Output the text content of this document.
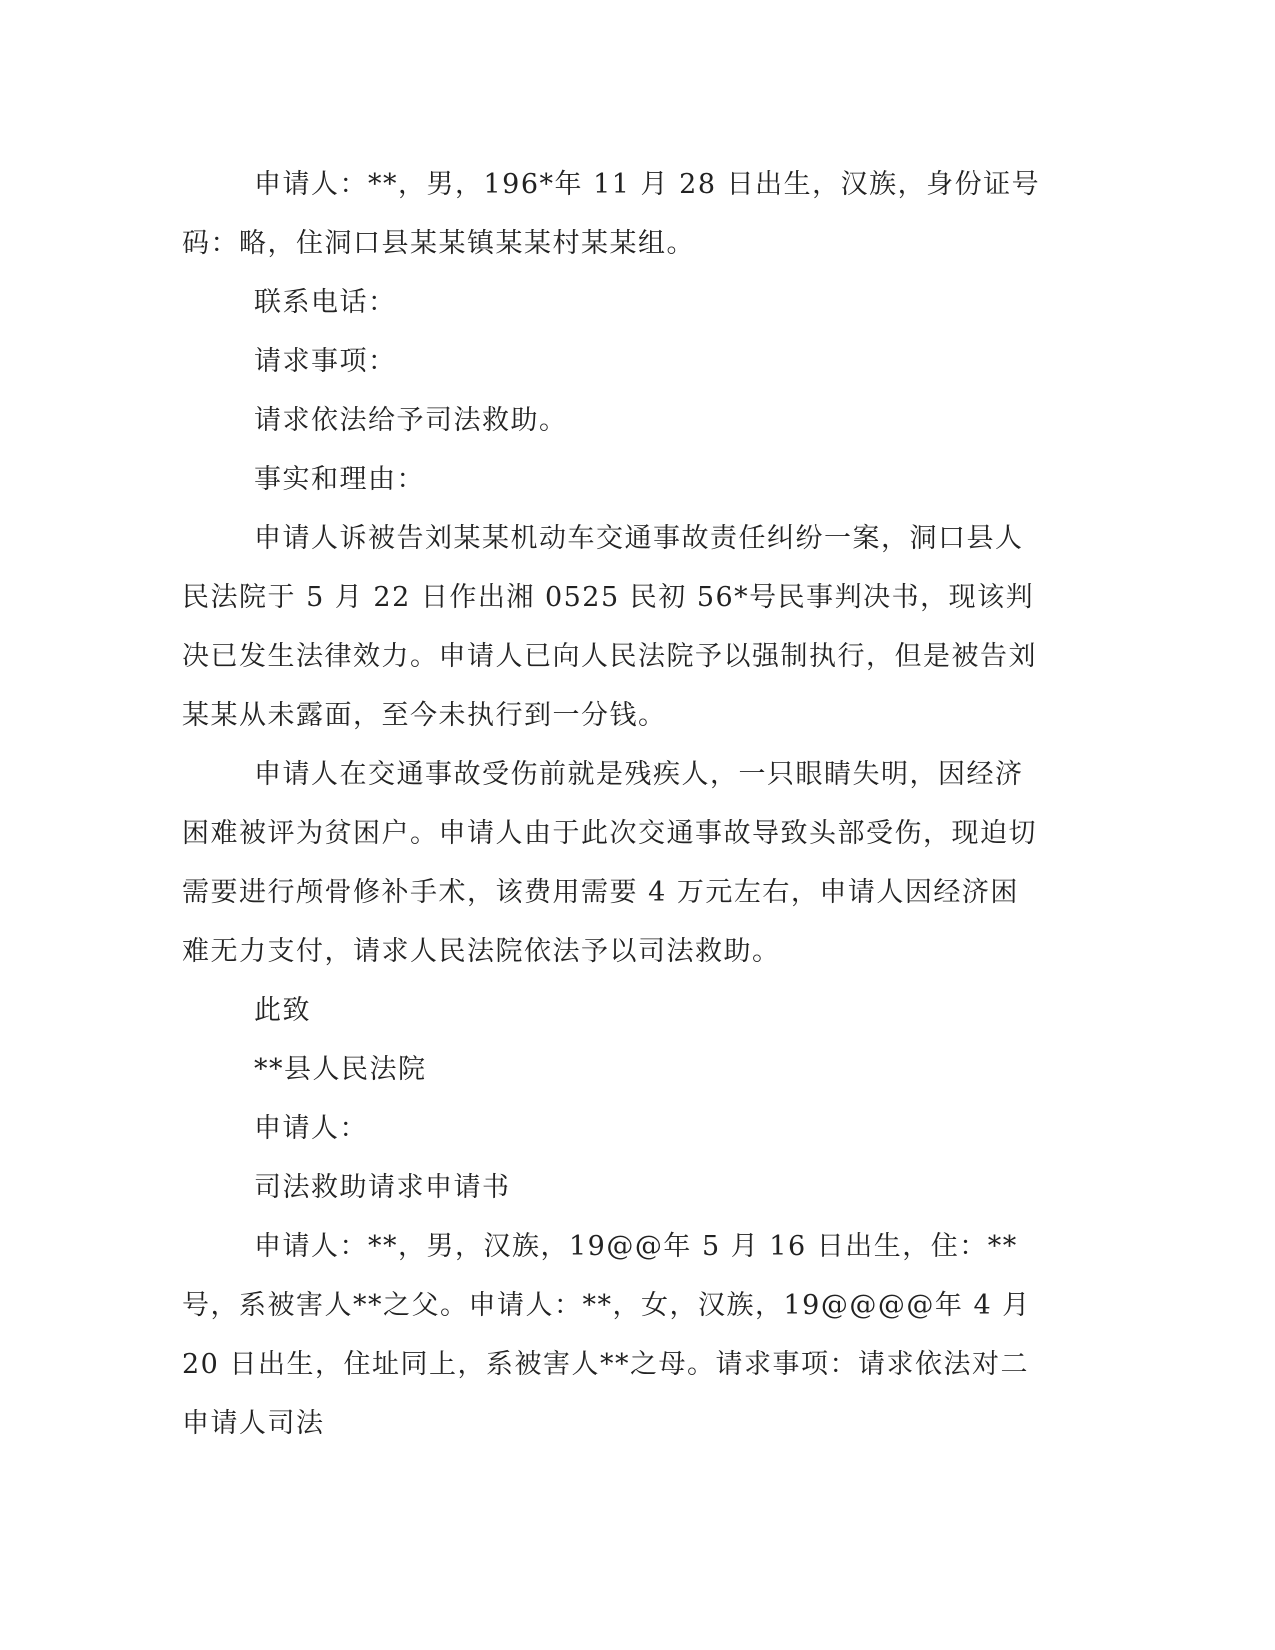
申请人：**，男，196*年 11 月 28 日出生，汉族，身份证号码：略，住洞口县某某镇某某村某某组。

联系电话：

请求事项：

请求依法给予司法救助。

事实和理由：

申请人诉被告刘某某机动车交通事故责任纠纷一案，洞口县人民法院于 5 月 22 日作出湘 0525 民初 56*号民事判决书，现该判决已发生法律效力。申请人已向人民法院予以强制执行，但是被告刘某某从未露面，至今未执行到一分钱。

申请人在交通事故受伤前就是残疾人，一只眼睛失明，因经济困难被评为贫困户。申请人由于此次交通事故导致头部受伤，现迫切需要进行颅骨修补手术，该费用需要 4 万元左右，申请人因经济困难无力支付，请求人民法院依法予以司法救助。

此致

**县人民法院

申请人：

司法救助请求申请书

申请人：**，男，汉族，19@@年 5 月 16 日出生，住：**号，系被害人**之父。申请人：**，女，汉族，19@@@@年 4 月 20 日出生，住址同上，系被害人**之母。请求事项：请求依法对二申请人司法
